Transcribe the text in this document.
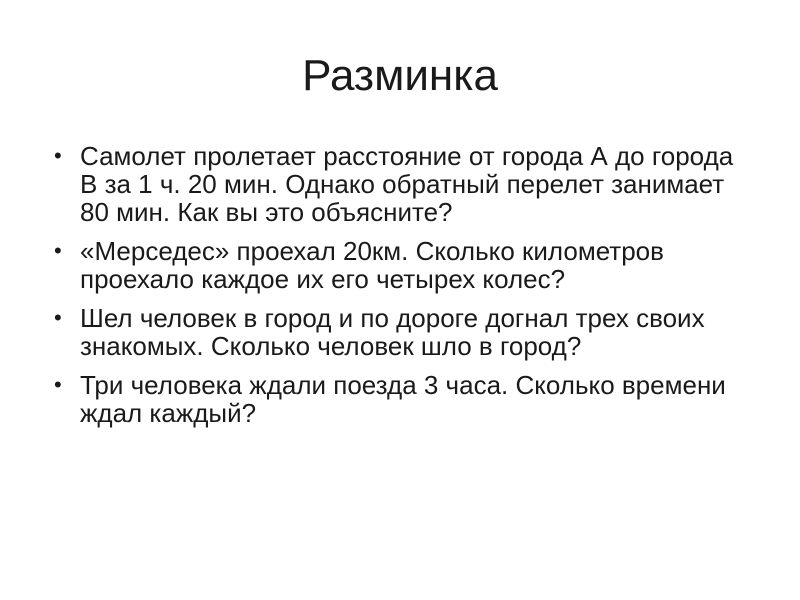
Разминка
• Самолет пролетает расстояние от города А до города В за 1 ч. 20 мин. Однако обратный перелет занимает 80 мин. Как вы это объясните?
• «Мерседес» проехал 20км. Сколько километров проехало каждое их его четырех колес?
• Шел человек в город и по дороге догнал трех своих знакомых. Сколько человек шло в город?
• Три человека ждали поезда 3 часа. Сколько времени ждал каждый?
